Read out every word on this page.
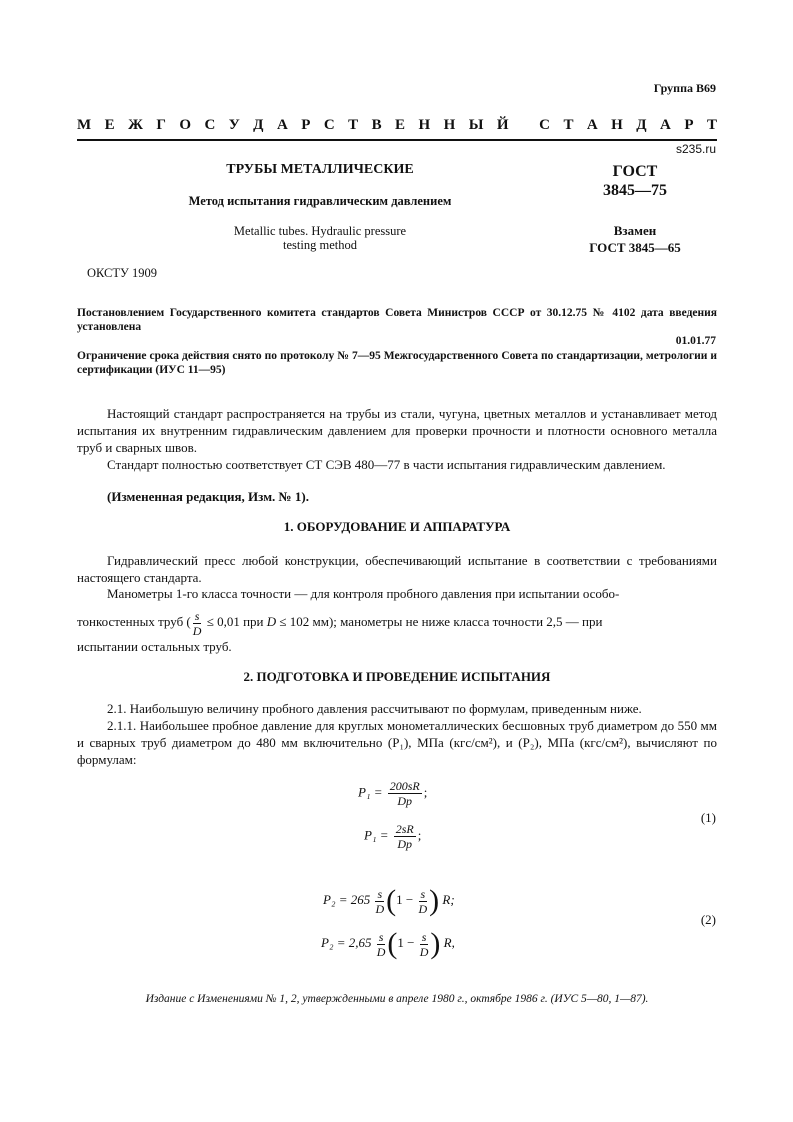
Группа В69
М Е Ж Г О С У Д А Р С Т В Е Н Н Ы Й
С Т А Н Д А Р Т
s235.ru
ТРУБЫ МЕТАЛЛИЧЕСКИЕ
Метод испытания гидравлическим давлением
Metallic tubes. Hydraulic pressure
testing method
ГОСТ
3845—75
Взамен
ГОСТ 3845—65
ОКСТУ 1909
Постановлением Государственного комитета стандартов Совета Министров СССР от 30.12.75 № 4102 дата введения установлена
01.01.77
Ограничение срока действия снято по протоколу № 7—95 Межгосударственного Совета по стандартизации, метрологии и сертификации (ИУС 11—95)
Настоящий стандарт распространяется на трубы из стали, чугуна, цветных металлов и устанавливает метод испытания их внутренним гидравлическим давлением для проверки прочности и плотности основного металла труб и сварных швов.
Стандарт полностью соответствует СТ СЭВ 480—77 в части испытания гидравлическим давлением.
(Измененная редакция, Изм. № 1).
1. ОБОРУДОВАНИЕ И АППАРАТУРА
Гидравлический пресс любой конструкции, обеспечивающий испытание в соответствии с требованиями настоящего стандарта.
Манометры 1-го класса точности — для контроля пробного давления при испытании особо-
тонкостенных труб ( $\frac{s}{D} \le 0,01$ при D ≤ 102 мм); манометры не ниже класса точности 2,5 — при
испытании остальных труб.
2. ПОДГОТОВКА И ПРОВЕДЕНИЕ ИСПЫТАНИЯ
2.1. Наибольшую величину пробного давления рассчитывают по формулам, приведенным ниже.
2.1.1. Наибольшее пробное давление для круглых монометаллических бесшовных труб диаметром до 550 мм и сварных труб диаметром до 480 мм включительно (P₁), МПа (кгс/см²), и (P₂), МПа (кгс/см²), вычисляют по формулам:
$P_1 = \frac{200sR}{Dр}$ ;
$P_1 = \frac{2sR}{Dр}$ ;
(1)
$P_2 = 265 \frac{s}{D} (1 - \frac{s}{D}$ ) R;
$P_2 = 2,65 \frac{s}{D} (1 - \frac{s}{D}$ ) R,
(2)
Издание с Изменениями № 1, 2, утвержденными в апреле 1980 г., октябре 1986 г. (ИУС 5—80, 1—87).
